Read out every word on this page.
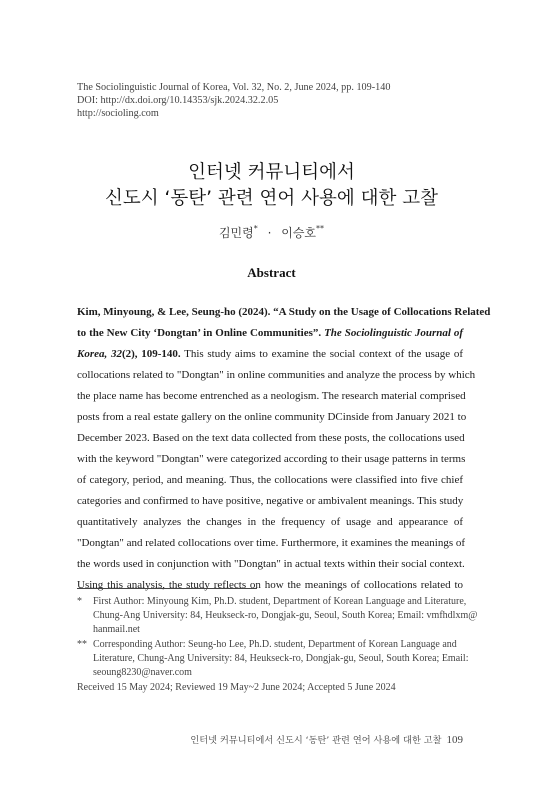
The Sociolinguistic Journal of Korea, Vol. 32, No. 2, June 2024, pp. 109-140
DOI: http://dx.doi.org/10.14353/sjk.2024.32.2.05
http://socioling.com
인터넷 커뮤니티에서
신도시 ‘동탄’ 관련 연어 사용에 대한 고찰
김민령* · 이승호**
Abstract
Kim, Minyoung, & Lee, Seung-ho (2024). “A Study on the Usage of Collocations Related
to the New City ‘Dongtan’ in Online Communities”. The Sociolinguistic Journal of
Korea, 32(2), 109-140. This study aims to examine the social context of the usage of
collocations related to "Dongtan" in online communities and analyze the process by which
the place name has become entrenched as a neologism. The research material comprised
posts from a real estate gallery on the online community DCinside from January 2021 to
December 2023. Based on the text data collected from these posts, the collocations used
with the keyword "Dongtan" were categorized according to their usage patterns in terms
of category, period, and meaning. Thus, the collocations were classified into five chief
categories and confirmed to have positive, negative or ambivalent meanings. This study
quantitatively analyzes the changes in the frequency of usage and appearance of
"Dongtan" and related collocations over time. Furthermore, it examines the meanings of
the words used in conjunction with "Dongtan" in actual texts within their social context.
Using this analysis, the study reflects on how the meanings of collocations related to
* First Author: Minyoung Kim, Ph.D. student, Department of Korean Language and Literature,
Chung-Ang University: 84, Heukseck-ro, Dongjak-gu, Seoul, South Korea; Email: vmfhdlxm@
hanmail.net
** Corresponding Author: Seung-ho Lee, Ph.D. student, Department of Korean Language and
Literature, Chung-Ang University: 84, Heukseck-ro, Dongjak-gu, Seoul, South Korea; Email:
seoung8230@naver.com
Received 15 May 2024; Reviewed 19 May~2 June 2024; Accepted 5 June 2024
인터넷 커뮤니티에서 신도시 ‘동탄’ 관련 연어 사용에 대한 고찰 109
